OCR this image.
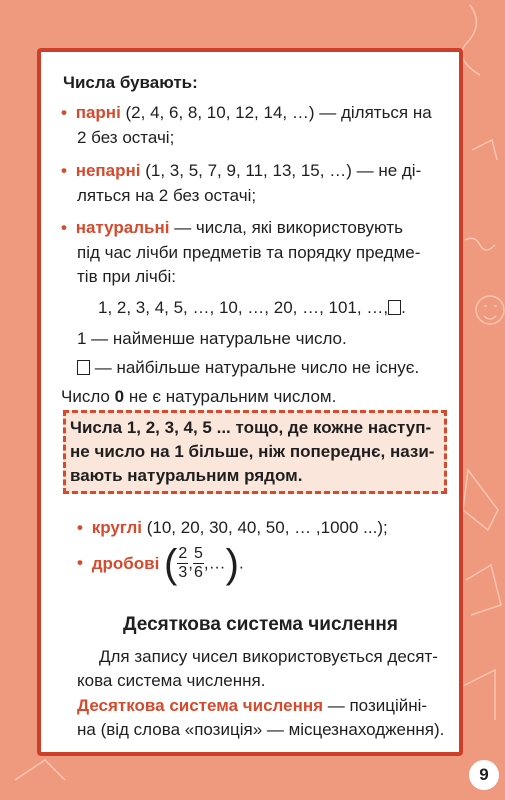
Числа бувають:
• парні (2, 4, 6, 8, 10, 12, 14, …) — діляться на
2 без остачі;
• непарні (1, 3, 5, 7, 9, 11, 13, 15, …) — не ді-
ляться на 2 без остачі;
• натуральні — числа, які використовують
під час лічби предметів та порядку предме-
тів при лічбі:
1, 2, 3, 4, 5, …, 10, …, 20, …, 101, …, .
1 — найменше натуральне число.
— найбільше натуральне число не існує.
Число 0 не є натуральним числом.
Числа 1, 2, 3, 4, 5 ... тощо, де кожне наступ-
не число на 1 більше, ніж попереднє, нази-
вають натуральним рядом.
• круглі (10, 20, 30, 40, 50, … ,1000 ...);
• дробові ( $\frac{2}{3}$ , $\frac{5}{6}$ ,…).
Десяткова система числення
Для запису чисел використовується десят-
кова система числення.
Десяткова система числення — позиційні-
на (від слова «позиція» — місцезнаходження).
9
